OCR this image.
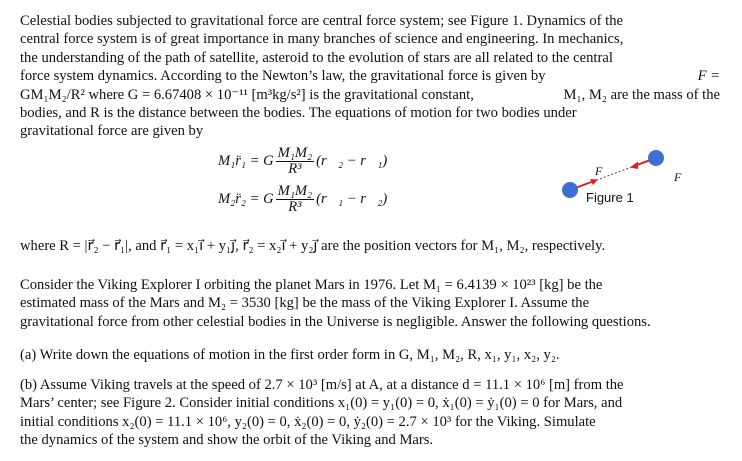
Celestial bodies subjected to gravitational force are central force system; see Figure 1. Dynamics of the
central force system is of great importance in many branches of science and engineering. In mechanics,
the understanding of the path of satellite, asteroid to the evolution of stars are all related to the central
force system dynamics. According to the Newton’s law, the gravitational force is given by	F =
GM₁M₂/R² where G = 6.67408 × 10⁻¹¹ [m³kg/s²] is the gravitational constant,	M₁, M₂ are the mass of the
bodies, and R is the distance between the bodies. The equations of motion for two bodies under
gravitational force are given by
M₁r̈₁ = G $\frac{\text{M₁M₂}}{\text{R³}}$ (r⃗₂ − r⃗₁)
M₂r̈₂ = G $\frac{\text{M₁M₂}}{\text{R³}}$ (r⃗₁ − r⃗₂)
F	F
Figure 1
where R = |r⃗₂ − r⃗₁|, and r⃗₁ = x₁ı⃗ + y₁ȷ⃗, r⃗₂ = x₂ı⃗ + y₂ȷ⃗ are the position vectors for M₁, M₂, respectively.
Consider the Viking Explorer I orbiting the planet Mars in 1976. Let M₁ = 6.4139 × 10²³ [kg] be the
estimated mass of the Mars and M₂ = 3530 [kg] be the mass of the Viking Explorer I. Assume the
gravitational force from other celestial bodies in the Universe is negligible. Answer the following questions.
(a) Write down the equations of motion in the first order form in G, M₁, M₂, R, x₁, y₁, x₂, y₂.
(b) Assume Viking travels at the speed of 2.7 × 10³ [m/s] at A, at a distance d = 11.1 × 10⁶ [m] from the
Mars’ center; see Figure 2. Consider initial conditions x₁(0) = y₁(0) = 0, ẋ₁(0) = ẏ₁(0) = 0 for Mars, and
initial conditions x₂(0) = 11.1 × 10⁶, y₂(0) = 0, ẋ₂(0) = 0, ẏ₂(0) = 2.7 × 10³ for the Viking. Simulate
the dynamics of the system and show the orbit of the Viking and Mars.
